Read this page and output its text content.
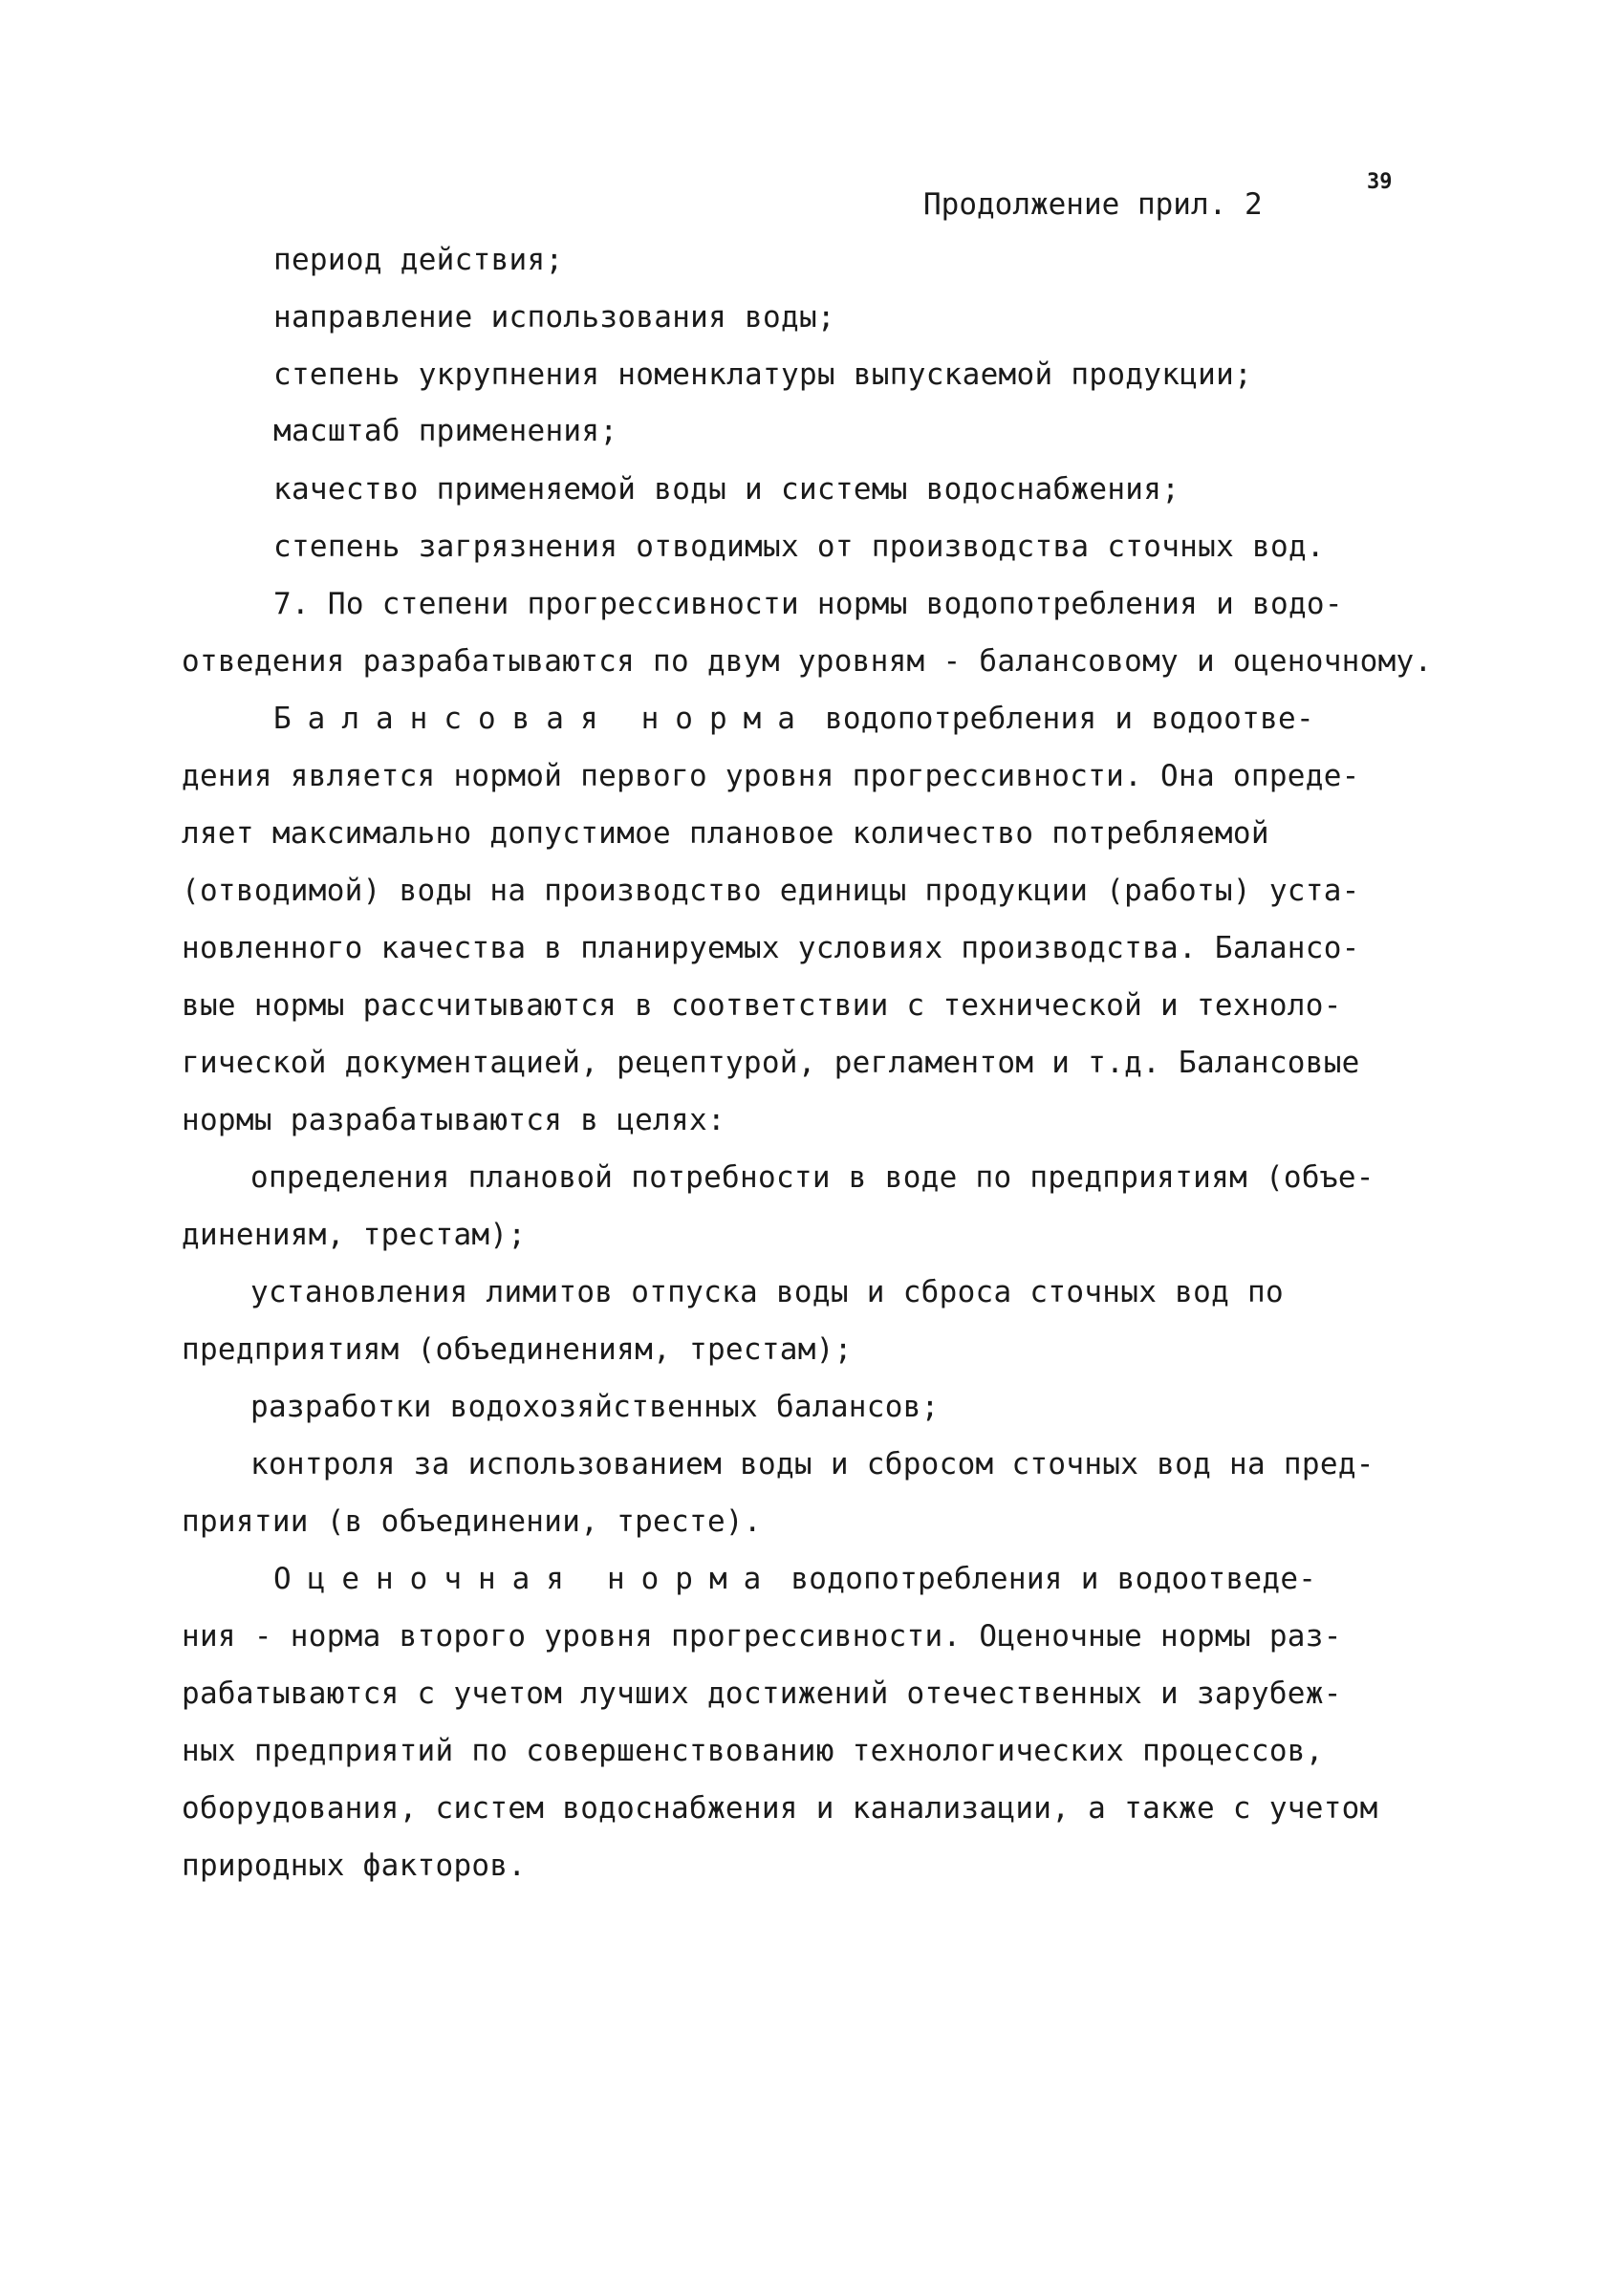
39
Продолжение прил. 2
период действия;
направление использования воды;
степень укрупнения номенклатуры выпускаемой продукции;
масштаб применения;
качество применяемой воды и системы водоснабжения;
степень загрязнения отводимых от производства сточных вод.
7. По степени прогрессивности нормы водопотребления и водо-
отведения разрабатываются по двум уровням - балансовому и оценочному.
Балансовая норма водопотребления и водоотве-
дения является нормой первого уровня прогрессивности. Она опреде-
ляет максимально допустимое плановое количество потребляемой
(отводимой) воды на производство единицы продукции (работы) уста-
новленного качества в планируемых условиях производства. Балансо-
вые нормы рассчитываются в соответствии с технической и техноло-
гической документацией, рецептурой, регламентом и т.д. Балансовые
нормы разрабатываются в целях:
определения плановой потребности в воде по предприятиям (объе-
динениям, трестам);
установления лимитов отпуска воды и сброса сточных вод по
предприятиям (объединениям, трестам);
разработки водохозяйственных балансов;
контроля за использованием воды и сбросом сточных вод на пред-
приятии (в объединении, тресте).
Оценочная норма водопотребления и водоотведе-
ния - норма второго уровня прогрессивности. Оценочные нормы раз-
рабатываются с учетом лучших достижений отечественных и зарубеж-
ных предприятий по совершенствованию технологических процессов,
оборудования, систем водоснабжения и канализации, а также с учетом
природных факторов.
